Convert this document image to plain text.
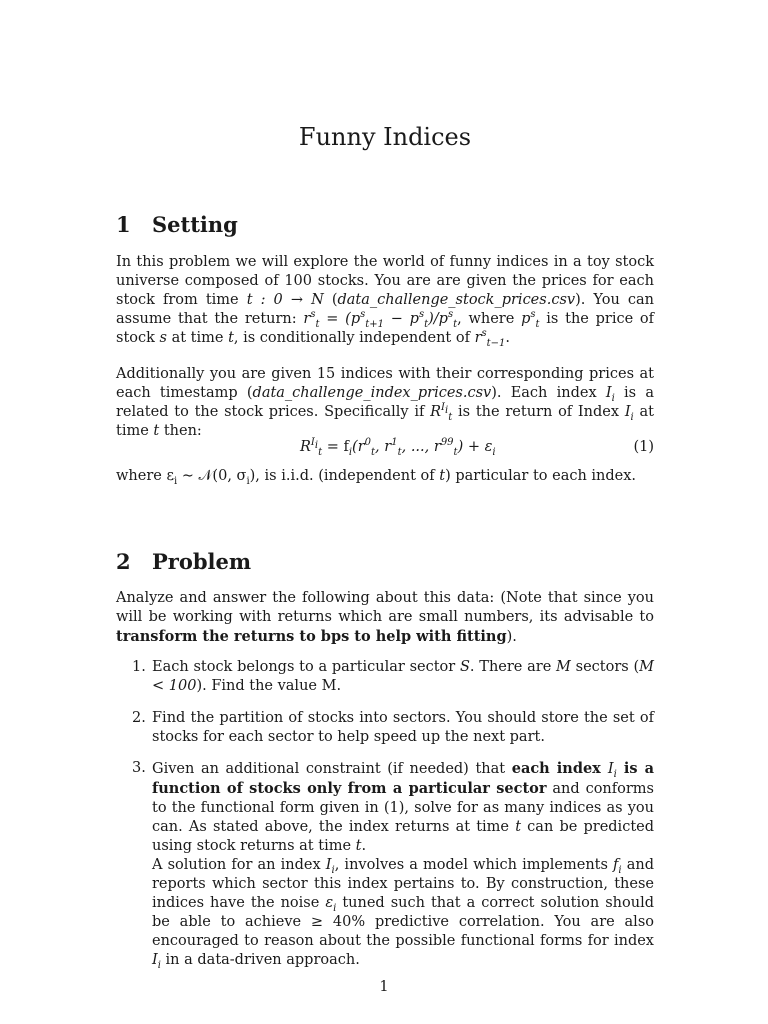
Funny Indices
1 Setting

In this problem we will explore the world of funny indices in a toy stock universe composed of 100 stocks. You are are given the prices for each stock from time t : 0 → N (data_challenge_stock_prices.csv). You can assume that the return: $r^s_t = (p^s_{t+1} - p^s_t)/p^s_t$, where $p^s_t$ is the price of stock s at time t, is conditionally independent of $r^s_{t-1}$.

Additionally you are given 15 indices with their corresponding prices at each timestamp (data_challenge_index_prices.csv). Each index $I_i$ is a related to the stock prices. Specifically if $R^{I_i}_t$ is the return of Index $I_i$ at time t then:

$R^{I_i}_t = f_i(r^0_t$, $r^1_t$, ..., $r^{99}_t) + \varepsilon_i$	(1)

where $\varepsilon_i$ ∼ 𝒩(0, $\sigma_i$), is i.i.d. (independent of t) particular to each index.

2 Problem

Analyze and answer the following about this data: (Note that since you will be working with returns which are small numbers, its advisable to transform the returns to bps to help with fitting).

1. Each stock belongs to a particular sector S. There are M sectors (M < 100). Find the value M.
2. Find the partition of stocks into sectors. You should store the set of stocks for each sector to help speed up the next part.
3. Given an additional constraint (if needed) that each index $I_i$ is a function of stocks only from a particular sector and conforms to the functional form given in (1), solve for as many indices as you can. As stated above, the index returns at time t can be predicted using stock returns at time t.
A solution for an index $I_i$, involves a model which implements $f_i$ and reports which sector this index pertains to. By construction, these indices have the noise $\varepsilon_i$ tuned such that a correct solution should be able to achieve ≥ 40% predictive correlation. You are also encouraged to reason about the possible functional forms for index $I_i$ in a data-driven approach.
1
